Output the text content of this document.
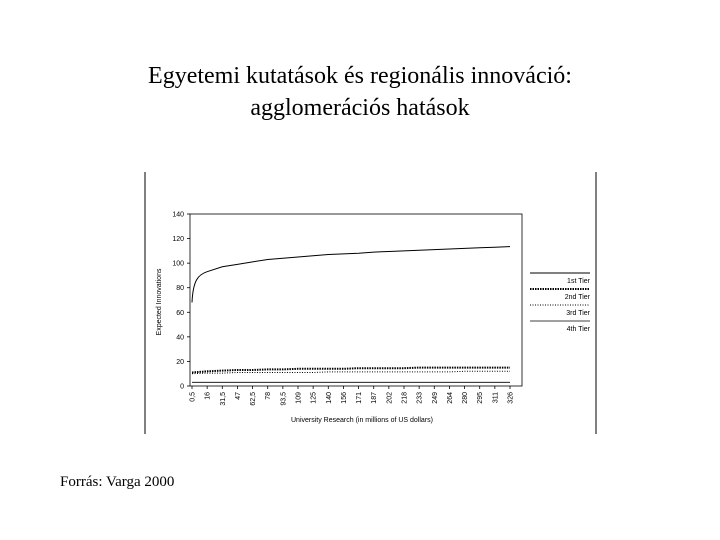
Egyetemi kutatások és regionális innováció:
agglomerációs hatások
0
20
40
60
80
100
120
140
0,5 16 31,5 47 62,5 78 93,5 109 125 140 156 171 187 202 218 233 249 264 280 295 311 326
University Research (in millions of US dollars)
Expected Innovations	1st Tier
2nd Tier
3rd Tier
4th Tier
Forrás: Varga 2000
